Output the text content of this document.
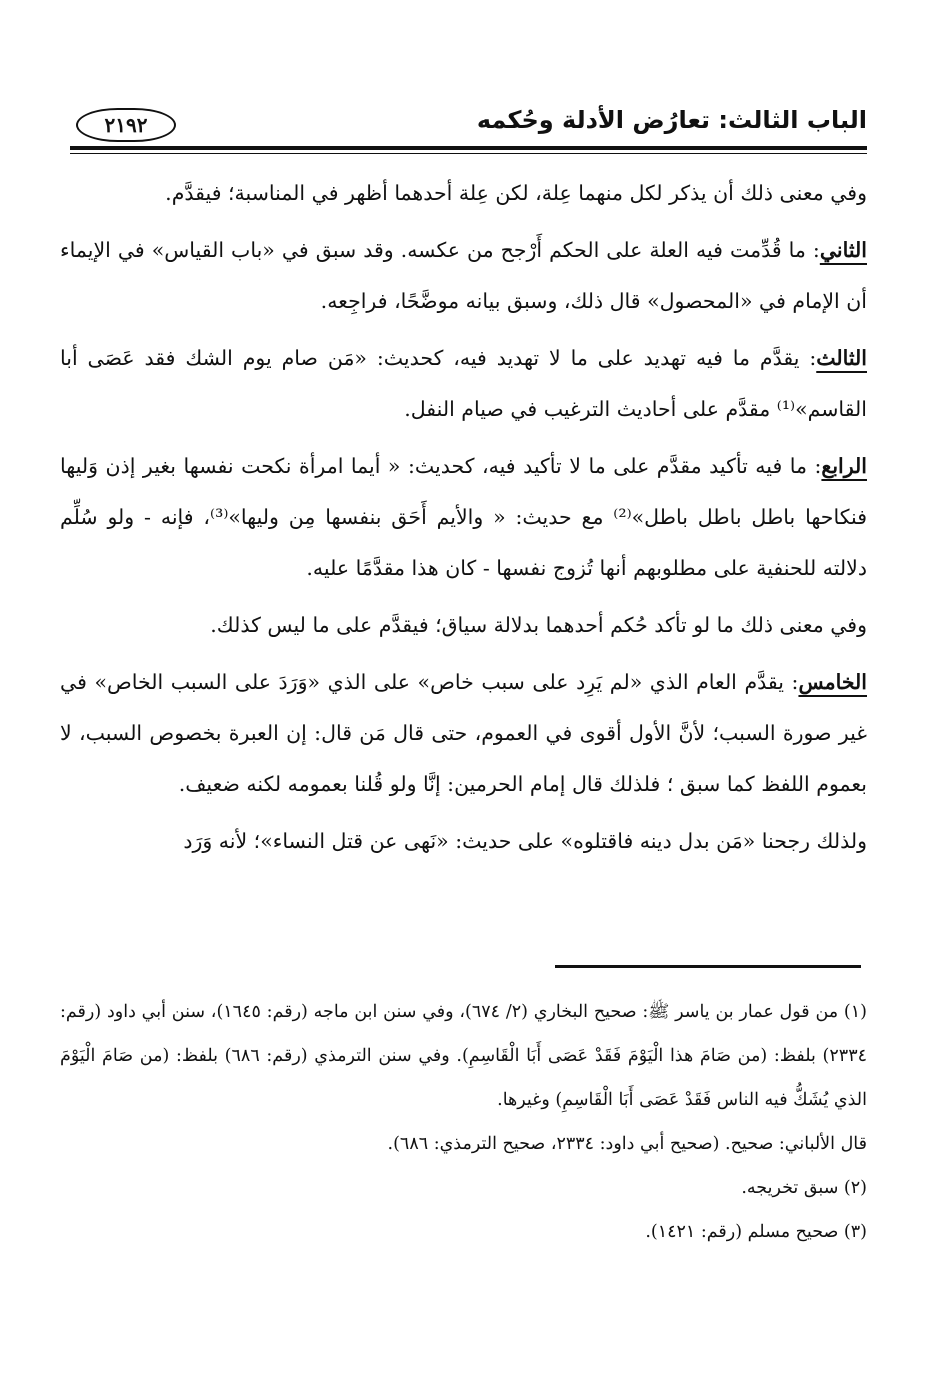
الباب الثالث: تعارُض الأدلة وحُكمه
٢١٩٢

وفي معنى ذلك أن يذكر لكل منهما عِلة، لكن عِلة أحدهما أظهر في المناسبة؛ فيقدَّم.

الثاني: ما قُدِّمت فيه العلة على الحكم أَرْجح من عكسه. وقد سبق في «باب القياس» في الإيماء أن الإمام في «المحصول» قال ذلك، وسبق بيانه موضَّحًا، فراجِعه.

الثالث: يقدَّم ما فيه تهديد على ما لا تهديد فيه، كحديث: «مَن صام يوم الشك فقد عَصَى أبا القاسم»⁽¹⁾ مقدَّم على أحاديث الترغيب في صيام النفل.

الرابع: ما فيه تأكيد مقدَّم على ما لا تأكيد فيه، كحديث: « أيما امرأة نكحت نفسها بغير إذن وَليها فنكاحها باطل باطل باطل»⁽²⁾ مع حديث: « والأيم أَحَق بنفسها مِن وليها»⁽³⁾، فإنه - ولو سُلِّم دلالته للحنفية على مطلوبهم أنها تُزوج نفسها - كان هذا مقدَّمًا عليه.

وفي معنى ذلك ما لو تأكد حُكم أحدهما بدلالة سياق؛ فيقدَّم على ما ليس كذلك.

الخامس: يقدَّم العام الذي «لم يَرِد على سبب خاص» على الذي «وَرَدَ على السبب الخاص» في غير صورة السبب؛ لأنَّ الأول أقوى في العموم، حتى قال مَن قال: إن العبرة بخصوص السبب، لا بعموم اللفظ كما سبق ؛ فلذلك قال إمام الحرمين: إنَّا ولو قُلنا بعمومه لكنه ضعيف.

ولذلك رجحنا «مَن بدل دينه فاقتلوه» على حديث: «نَهى عن قتل النساء»؛ لأنه وَرَد

(١) من قول عمار بن ياسر ﷺ: صحيح البخاري (٢/ ٦٧٤)، وفي سنن ابن ماجه (رقم: ١٦٤٥)، سنن أبي داود (رقم: ٢٣٣٤) بلفظ: (من صَامَ هذا الْيَوْمَ فَقَدْ عَصَى أَبَا الْقَاسِمِ). وفي سنن الترمذي (رقم: ٦٨٦) بلفظ: (من صَامَ الْيَوْمَ الذي يُشَكُّ فيه الناس فَقَدْ عَصَى أَبَا الْقَاسِمِ) وغيرها.

قال الألباني: صحيح. (صحيح أبي داود: ٢٣٣٤، صحيح الترمذي: ٦٨٦).

(٢) سبق تخريجه.

(٣) صحيح مسلم (رقم: ١٤٢١).
